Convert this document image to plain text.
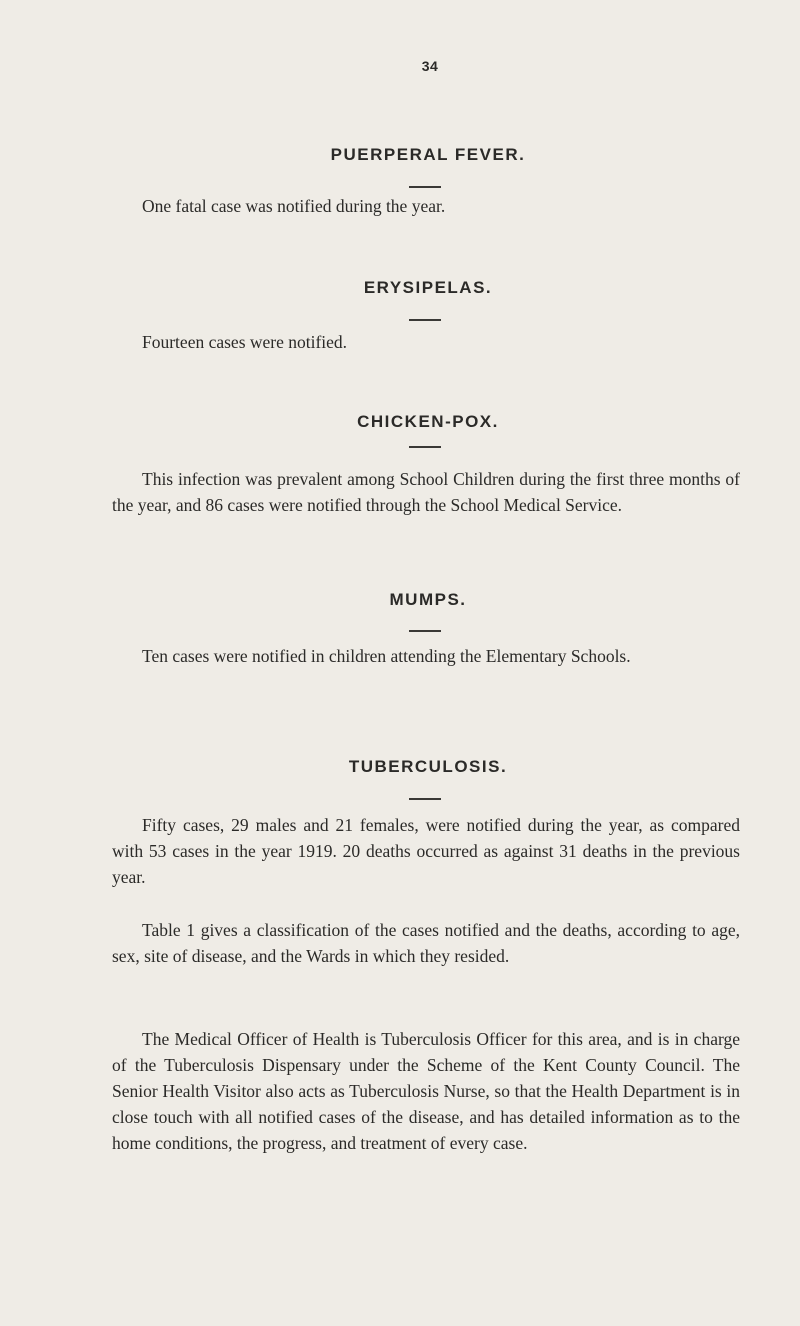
34
PUERPERAL FEVER.

One fatal case was notified during the year.

ERYSIPELAS.

Fourteen cases were notified.

CHICKEN-POX.

This infection was prevalent among School Children during the first three months of the year, and 86 cases were notified through the School Medical Service.

MUMPS.

Ten cases were notified in children attending the Elementary Schools.

TUBERCULOSIS.

Fifty cases, 29 males and 21 females, were notified during the year, as compared with 53 cases in the year 1919. 20 deaths occurred as against 31 deaths in the previous year.

Table 1 gives a classification of the cases notified and the deaths, according to age, sex, site of disease, and the Wards in which they resided.

The Medical Officer of Health is Tuberculosis Officer for this area, and is in charge of the Tuberculosis Dispensary under the Scheme of the Kent County Council. The Senior Health Visitor also acts as Tuberculosis Nurse, so that the Health Department is in close touch with all notified cases of the disease, and has detailed information as to the home conditions, the progress, and treatment of every case.
